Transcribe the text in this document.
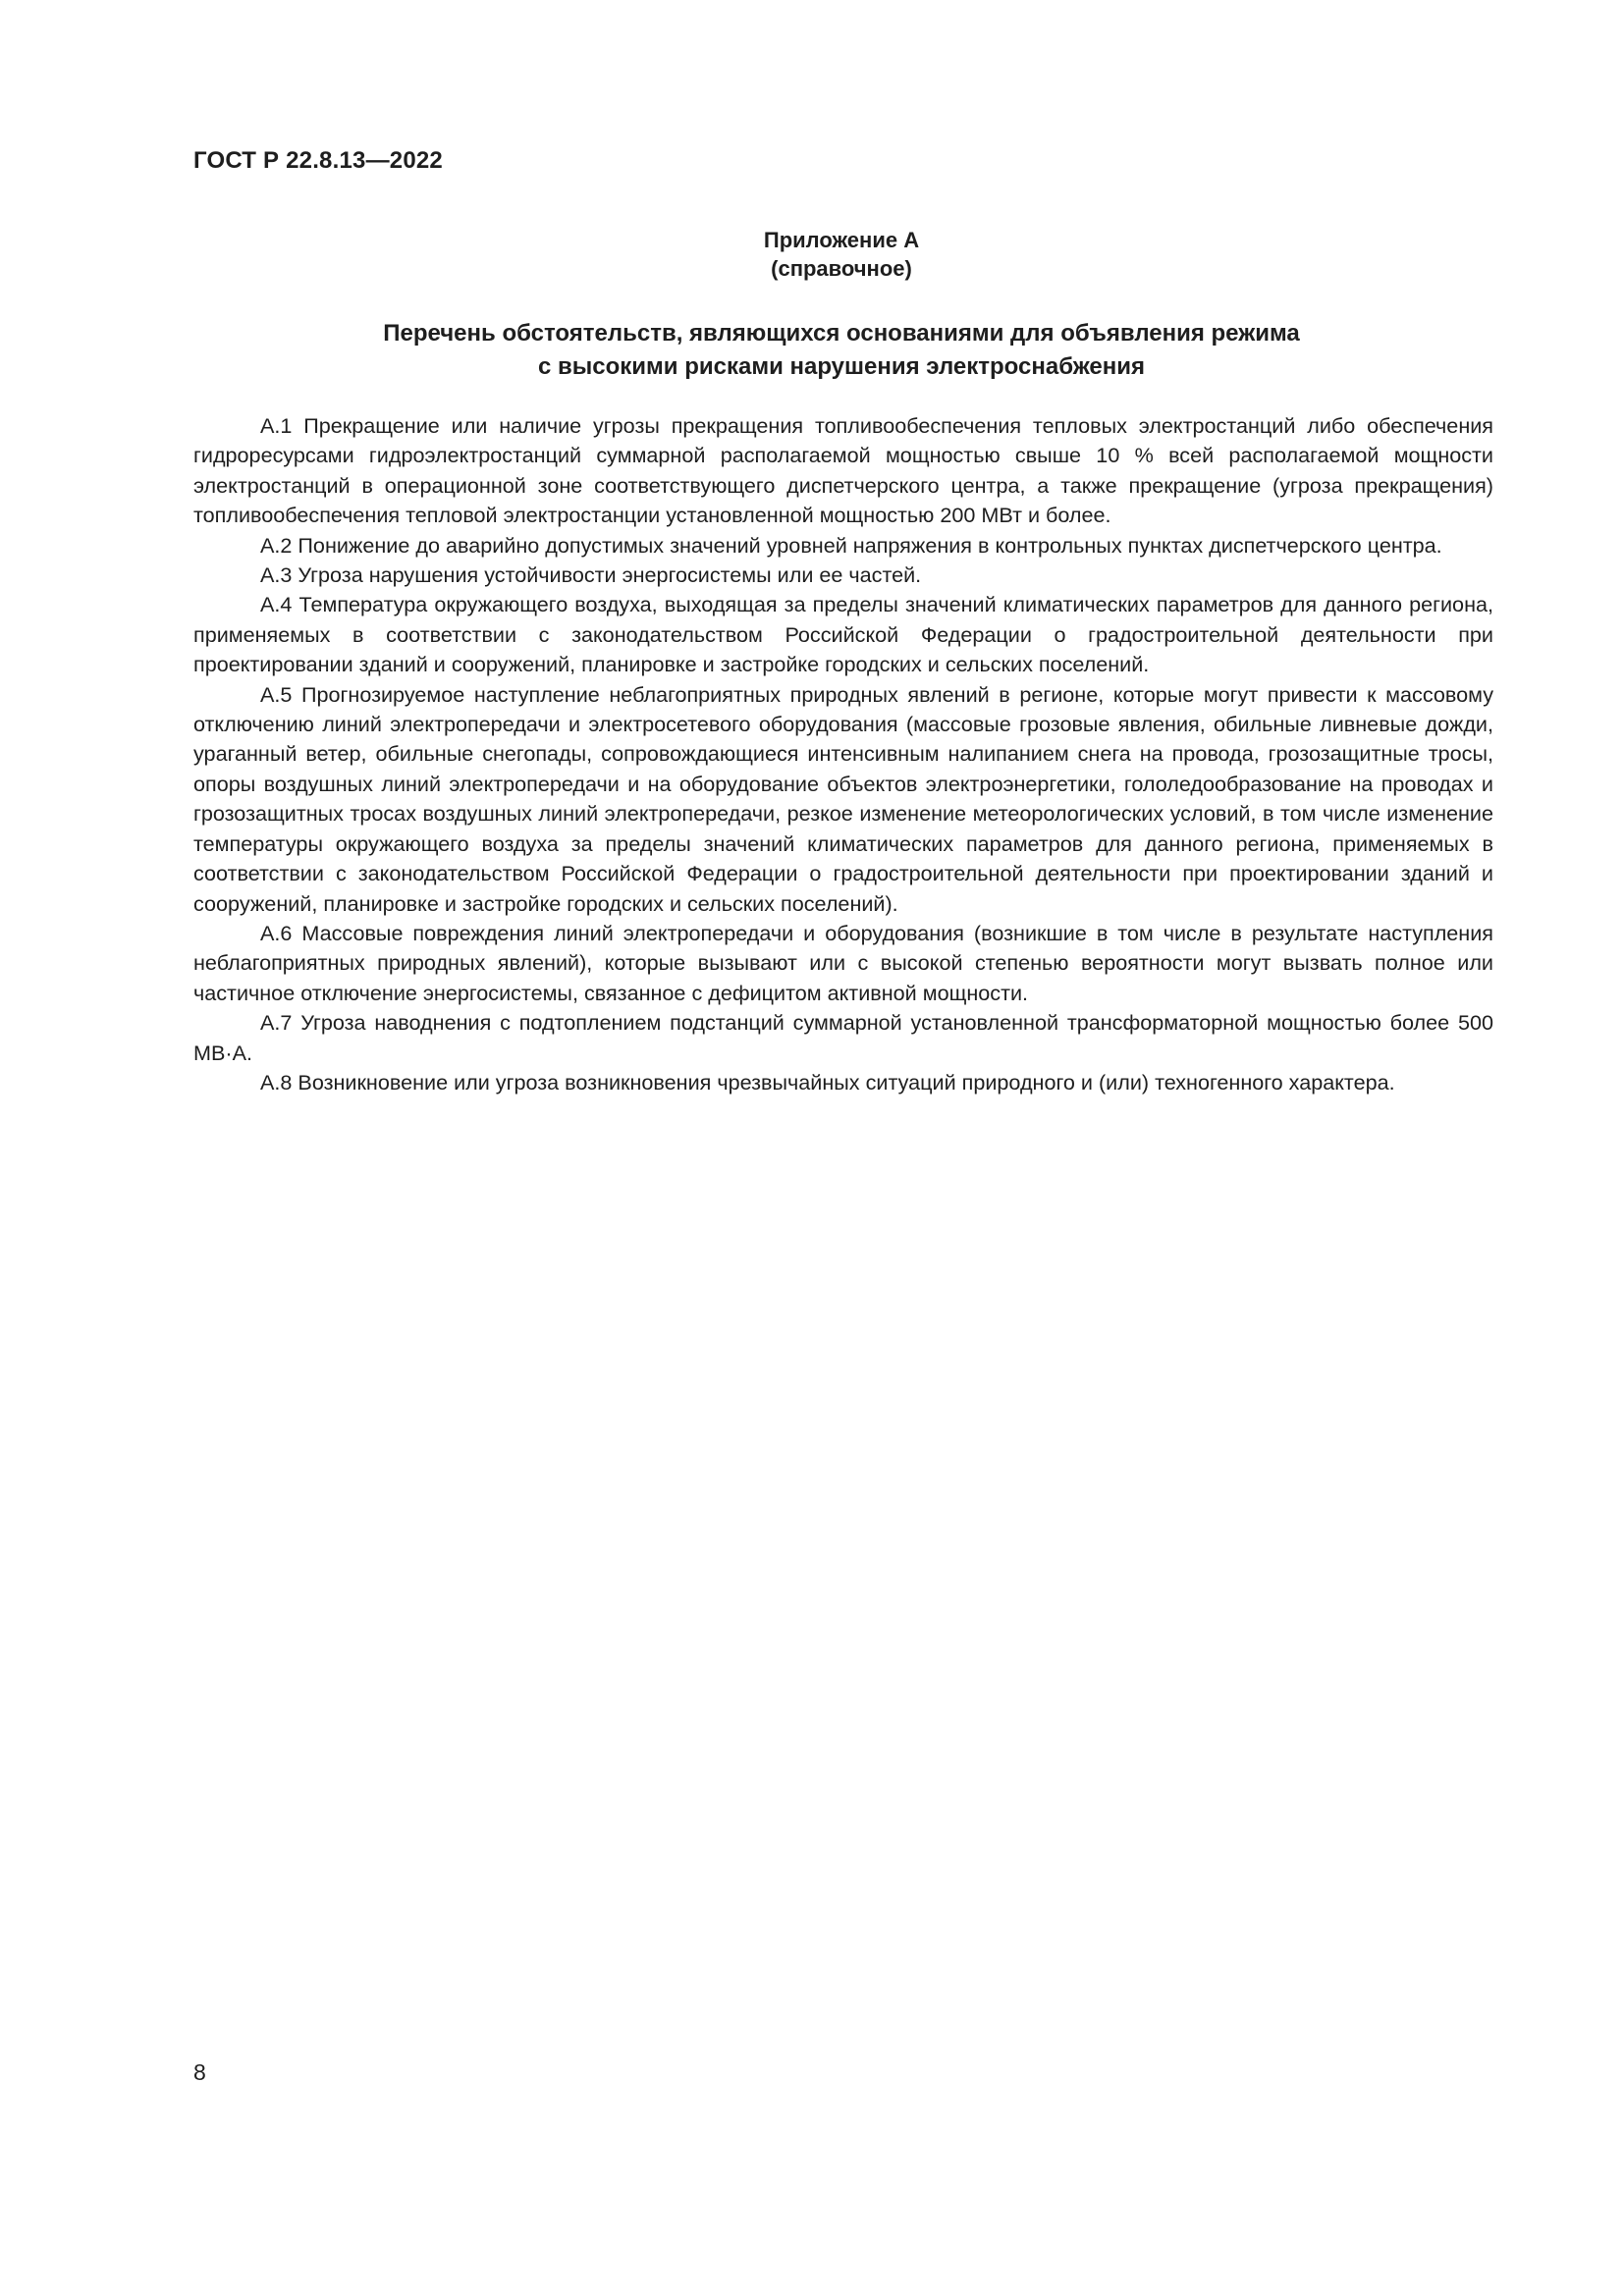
ГОСТ Р 22.8.13—2022
Приложение А
(справочное)
Перечень обстоятельств, являющихся основаниями для объявления режима
с высокими рисками нарушения электроснабжения

А.1 Прекращение или наличие угрозы прекращения топливообеспечения тепловых электростанций либо обеспечения гидроресурсами гидроэлектростанций суммарной располагаемой мощностью свыше 10 % всей располагаемой мощности электростанций в операционной зоне соответствующего диспетчерского центра, а также прекращение (угроза прекращения) топливообеспечения тепловой электростанции установленной мощностью 200 МВт и более.

А.2 Понижение до аварийно допустимых значений уровней напряжения в контрольных пунктах диспетчерского центра.

А.3 Угроза нарушения устойчивости энергосистемы или ее частей.

А.4 Температура окружающего воздуха, выходящая за пределы значений климатических параметров для данного региона, применяемых в соответствии с законодательством Российской Федерации о градостроительной деятельности при проектировании зданий и сооружений, планировке и застройке городских и сельских поселений.

А.5 Прогнозируемое наступление неблагоприятных природных явлений в регионе, которые могут привести к массовому отключению линий электропередачи и электросетевого оборудования (массовые грозовые явления, обильные ливневые дожди, ураганный ветер, обильные снегопады, сопровождающиеся интенсивным налипанием снега на провода, грозозащитные тросы, опоры воздушных линий электропередачи и на оборудование объектов электроэнергетики, гололедообразование на проводах и грозозащитных тросах воздушных линий электропередачи, резкое изменение метеорологических условий, в том числе изменение температуры окружающего воздуха за пределы значений климатических параметров для данного региона, применяемых в соответствии с законодательством Российской Федерации о градостроительной деятельности при проектировании зданий и сооружений, планировке и застройке городских и сельских поселений).

А.6 Массовые повреждения линий электропередачи и оборудования (возникшие в том числе в результате наступления неблагоприятных природных явлений), которые вызывают или с высокой степенью вероятности могут вызвать полное или частичное отключение энергосистемы, связанное с дефицитом активной мощности.

А.7 Угроза наводнения с подтоплением подстанций суммарной установленной трансформаторной мощностью более 500 МВ·А.

А.8 Возникновение или угроза возникновения чрезвычайных ситуаций природного и (или) техногенного характера.

8
